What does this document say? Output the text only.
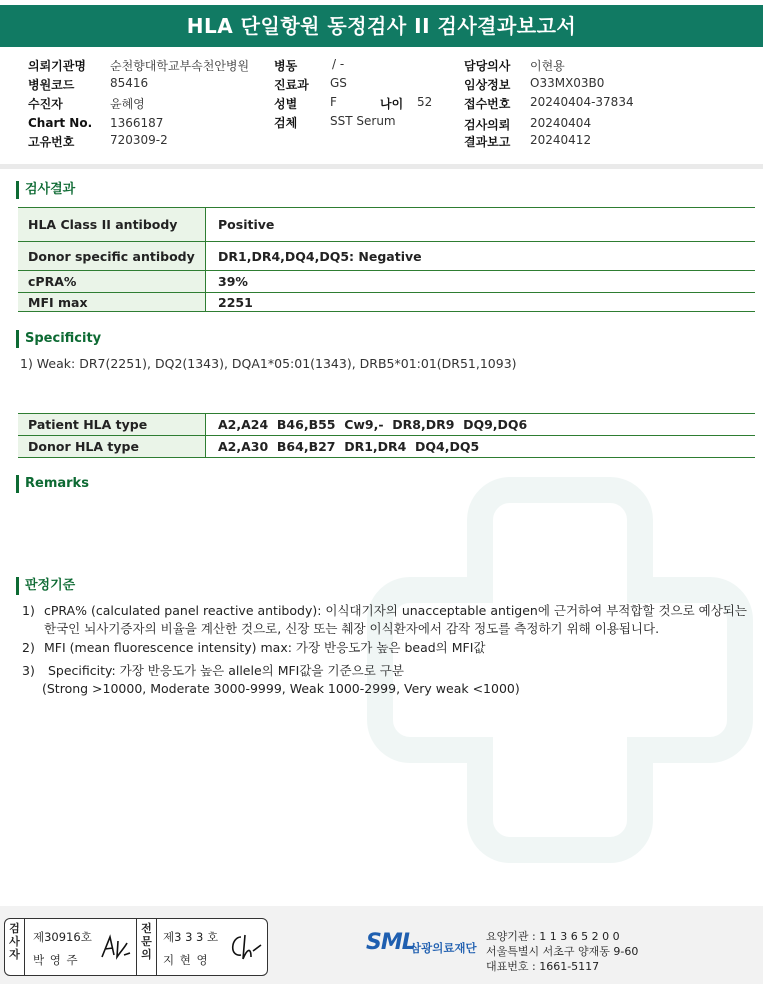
HLA 단일항원 동정검사 II 검사결과보고서
의뢰기관명 순천향대학교부속천안병원
병원코드	85416
수진자	윤혜영
Chart No. 1366187
고유번호	720309-2
병동	/ -
진료과 GS
성별	F	나이 52
검체	SST Serum
담당의사 이현용
임상정보 O33MX03B0
접수번호 20240404-37834
검사의뢰 20240404
결과보고 20240412
검사결과
HLA Class II antibody	Positive
Donor specific antibody	DR1,DR4,DQ4,DQ5: Negative
cPRA%	39%
MFI max	2251
Specificity
1) Weak: DR7(2251), DQ2(1343), DQA1*05:01(1343), DRB5*01:01(DR51,1093)
Patient HLA type	A2,A24  B46,B55  Cw9,-  DR8,DR9  DQ9,DQ6
Donor HLA type	A2,A30  B64,B27  DR1,DR4  DQ4,DQ5
Remarks
판정기준
1) cPRA% (calculated panel reactive antibody): 이식대기자의 unacceptable antigen에 근거하여 부적합할 것으로 예상되는
한국인 뇌사기증자의 비율을 계산한 것으로, 신장 또는 췌장 이식환자에서 감작 정도를 측정하기 위해 이용됩니다.
2) MFI (mean fluorescence intensity) max: 가장 반응도가 높은 bead의 MFI값
3) Specificity: 가장 반응도가 높은 allele의 MFI값을 기준으로 구분
(Strong >10000, Moderate 3000-9999, Weak 1000-2999, Very weak <1000)
검
사
자
제30916호
박 영 주
전
문
의
제3 3 3 호
지 현 영
SML
삼광의료재단
요양기관 : 1 1 3 6 5 2 0 0
서울특별시 서초구 양재동 9-60
대표번호 : 1661-5117
